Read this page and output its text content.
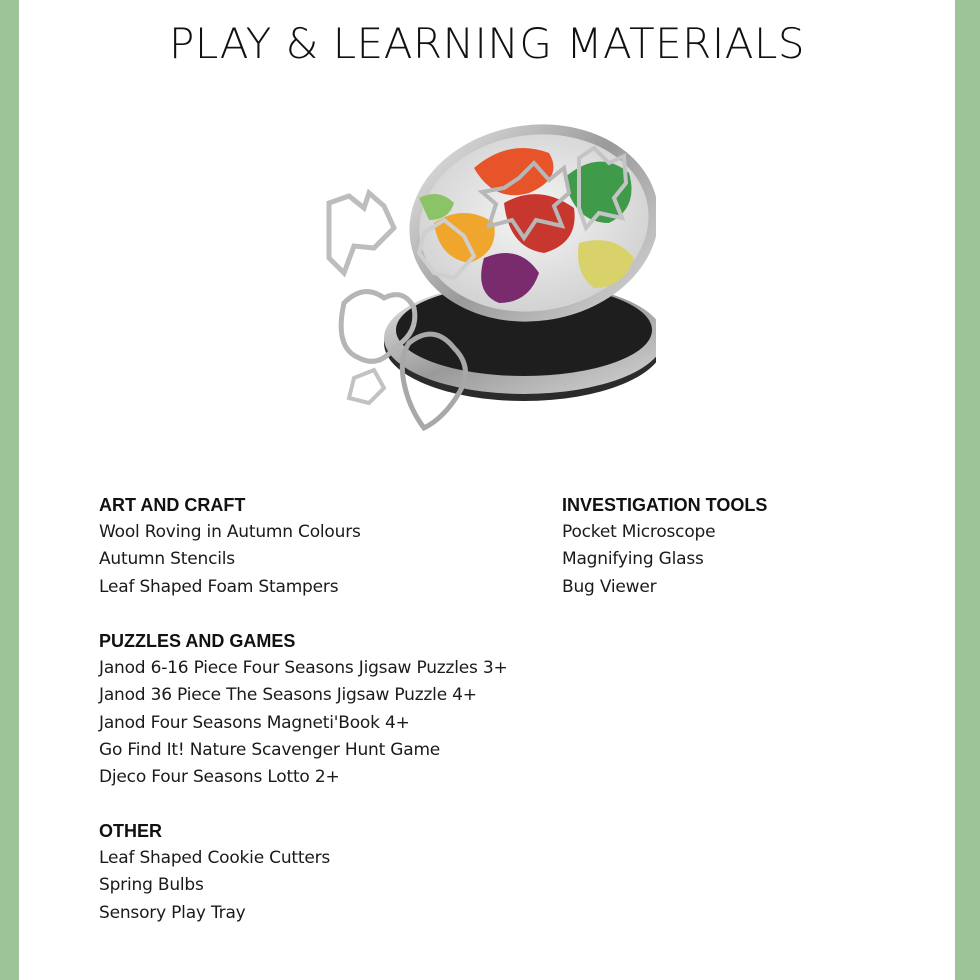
PLAY & LEARNING MATERIALS
ART AND CRAFT
Wool Roving in Autumn Colours
Autumn Stencils
Leaf Shaped Foam Stampers
INVESTIGATION TOOLS
Pocket Microscope
Magnifying Glass
Bug Viewer
PUZZLES AND GAMES
Janod 6-16 Piece Four Seasons Jigsaw Puzzles 3+
Janod 36 Piece The Seasons Jigsaw Puzzle 4+
Janod Four Seasons Magneti'Book 4+
Go Find It! Nature Scavenger Hunt Game
Djeco Four Seasons Lotto 2+
OTHER
Leaf Shaped Cookie Cutters
Spring Bulbs
Sensory Play Tray
